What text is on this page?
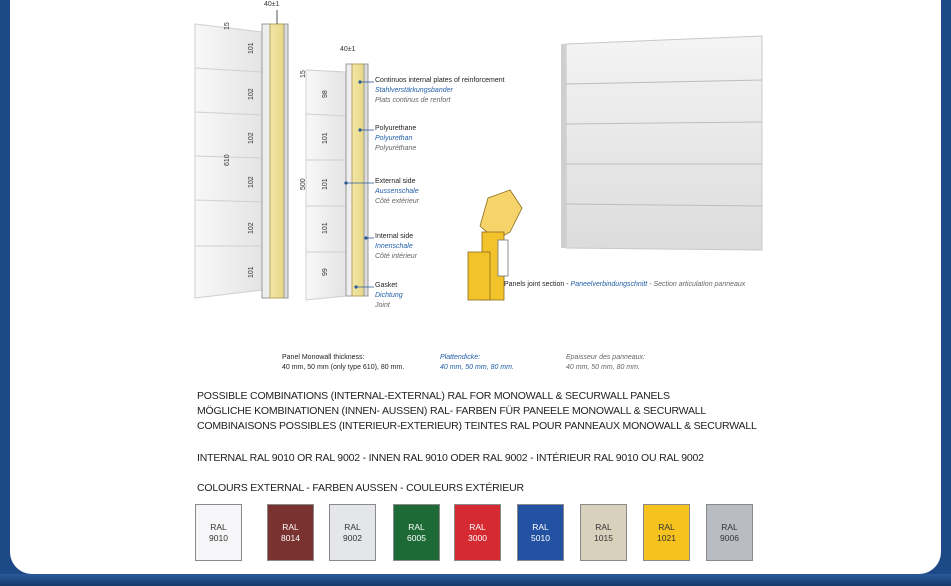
40±1
15
610
101
102
102
102
102
101
40±1
15
500
98
101
101
101
99
Continuos internal plates of reinforcement
Stahlverstärkungsbander
Plats continus de renfort
Polyurethane
Polyurethan
Polyuréthane
External side
Aussenschale
Côté extérieur
Internal side
Innenschale
Côté intérieur
Gasket
Dichtung
Joint
Panels joint section - Paneelverbindungschnitt - Section articulation panneaux
Panel Monowall thickness:
40 mm, 50 mm (only type 610), 80 mm.
Plattendicke:
40 mm, 50 mm, 80 mm.
Epaisseur des panneaux:
40 mm, 50 mm, 80 mm.
POSSIBLE COMBINATIONS (INTERNAL-EXTERNAL) RAL FOR MONOWALL & SECURWALL PANELS
MÖGLICHE KOMBINATIONEN (INNEN- AUSSEN) RAL- FARBEN FÜR PANEELE MONOWALL & SECURWALL
COMBINAISONS POSSIBLES (INTERIEUR-EXTERIEUR) TEINTES RAL POUR PANNEAUX MONOWALL & SECURWALL
INTERNAL RAL 9010 OR RAL 9002 - INNEN RAL 9010 ODER RAL 9002 - INTÉRIEUR RAL 9010 OU RAL 9002
COLOURS EXTERNAL - FARBEN AUSSEN - COULEURS EXTÉRIEUR
RAL
9010
RAL
8014
RAL
9002
RAL
6005
RAL
3000
RAL
5010
RAL
1015
RAL
1021
RAL
9006
